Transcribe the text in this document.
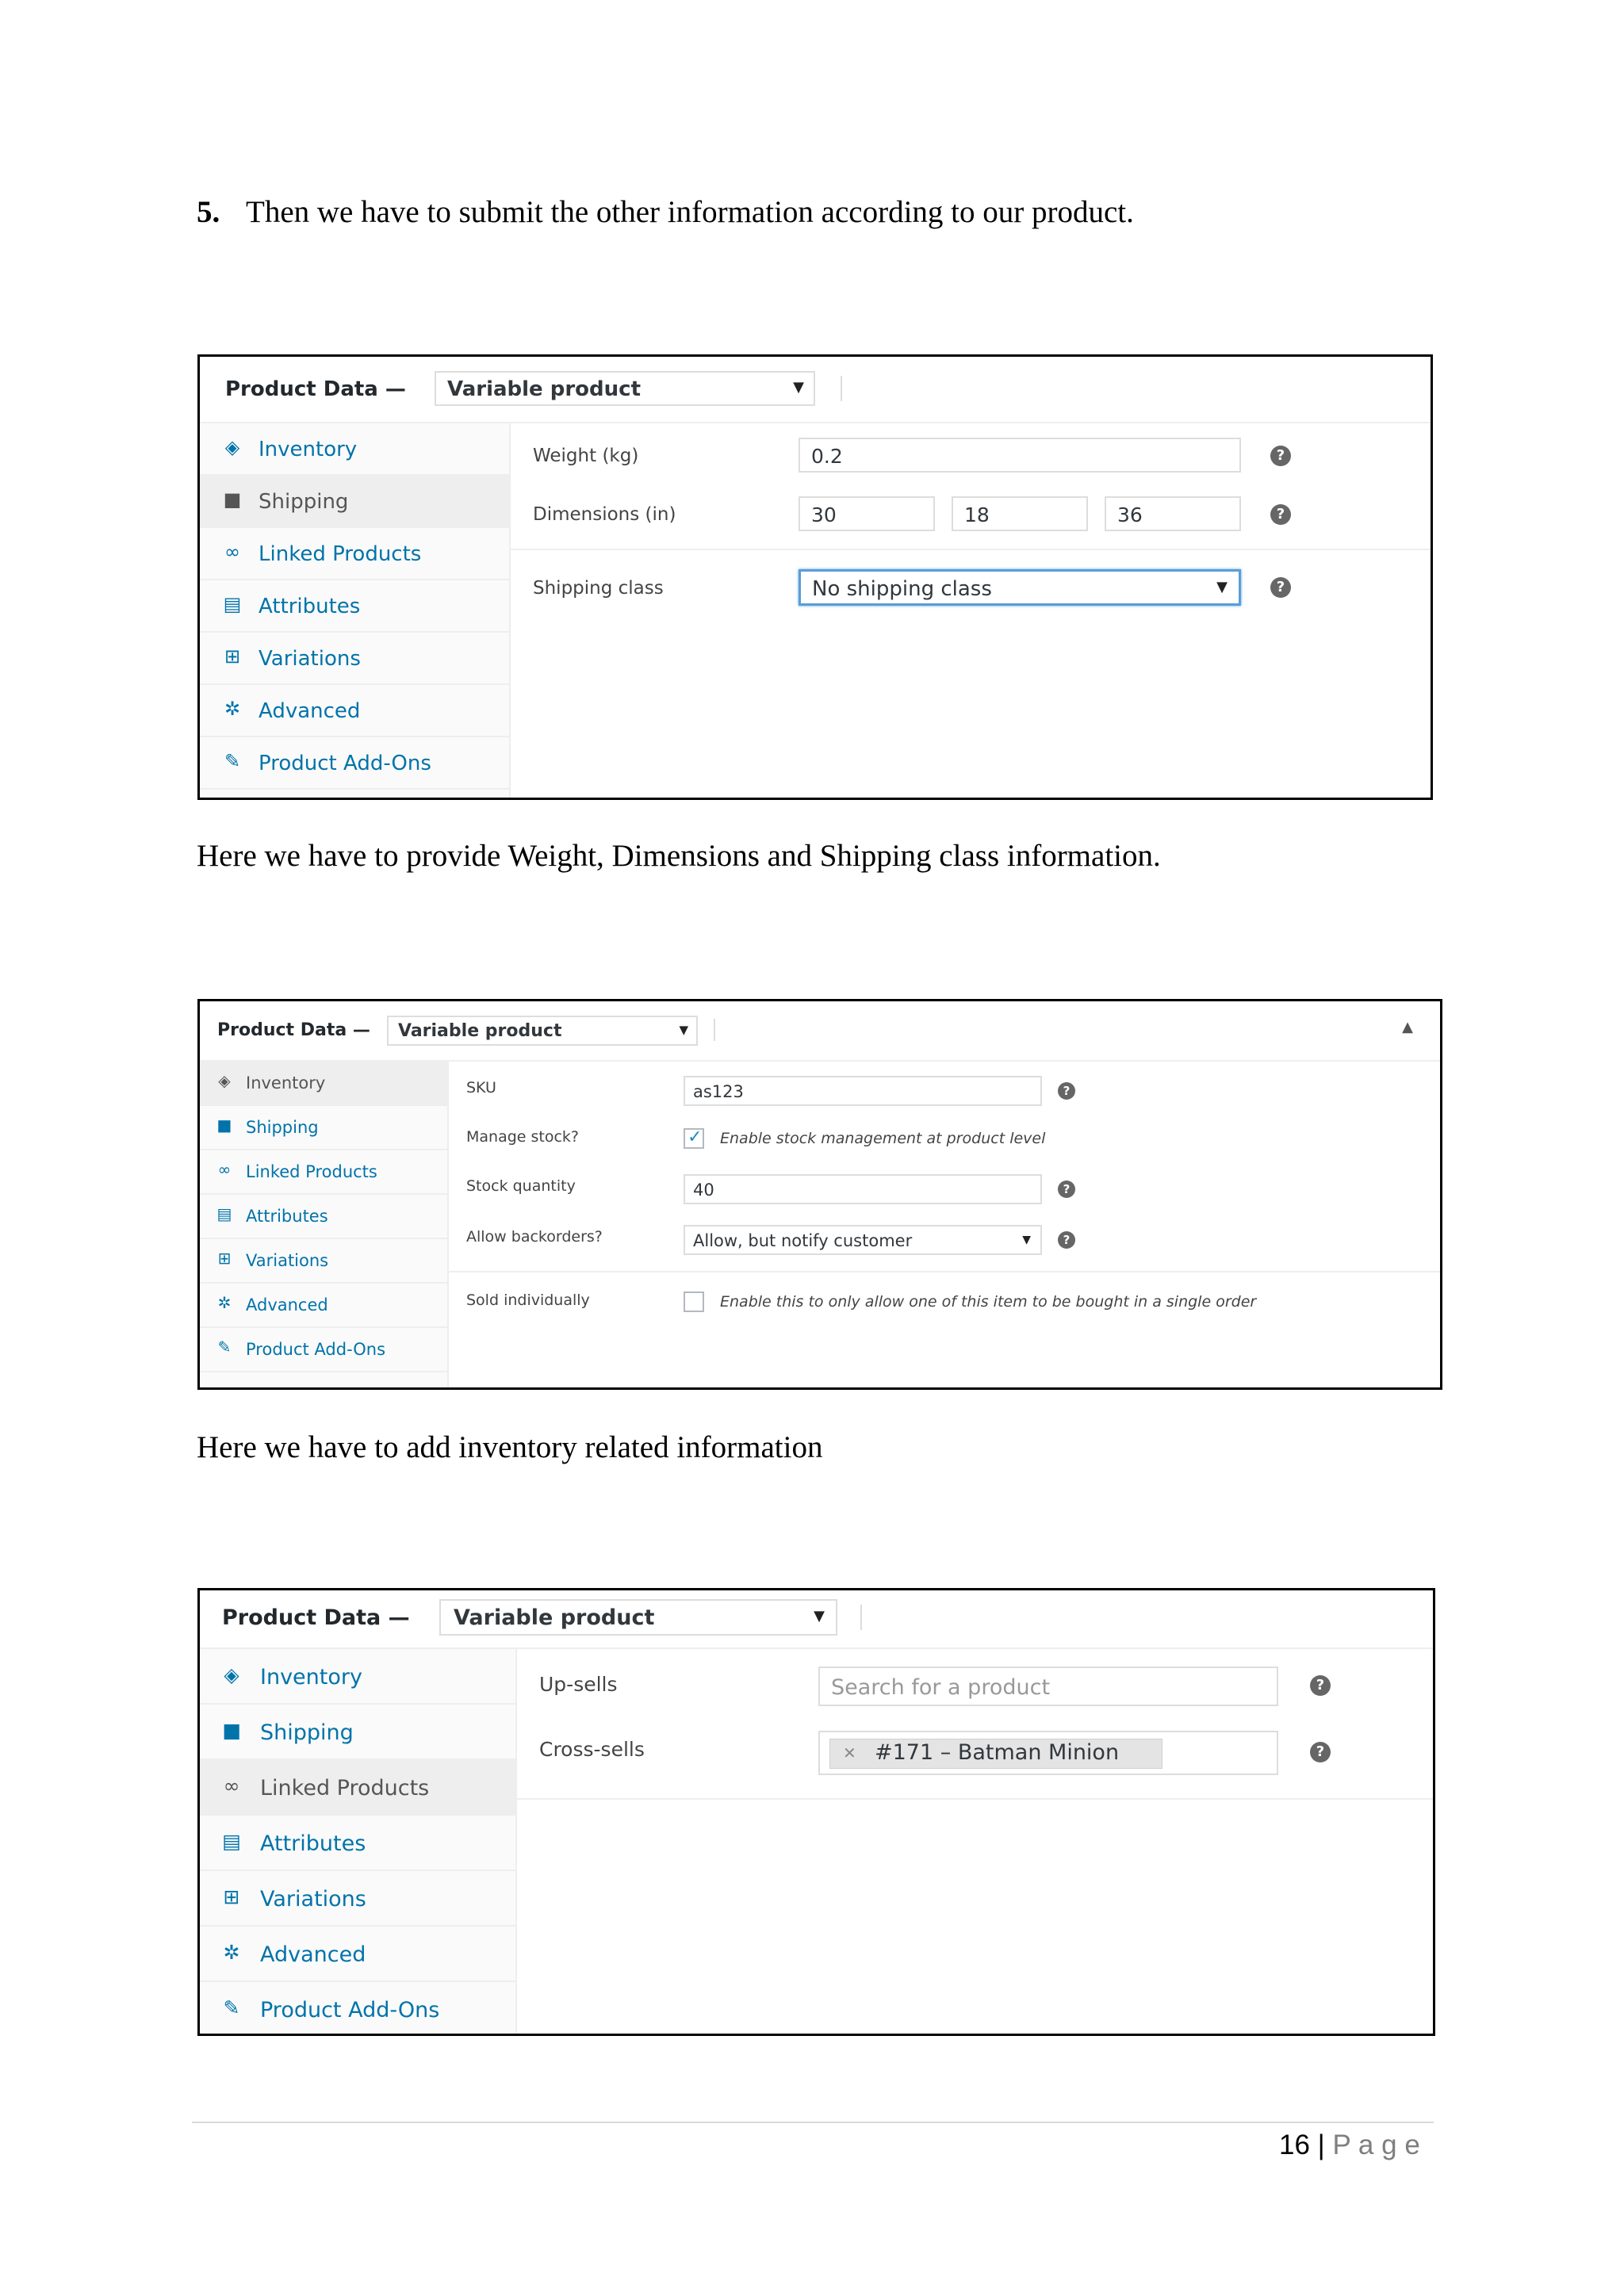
5. Then we have to submit the other information according to our product.
Product Data — Variable product	▼
◈ Inventory
■ Shipping
∞ Linked Products
▤ Attributes
⊞ Variations
✲ Advanced
✎ Product Add-Ons
Weight (kg)	0.2	?
Dimensions (in)	30	18	36	?
Shipping class	No shipping class	▼	?
Here we have to provide Weight, Dimensions and Shipping class information.
Product Data — Variable product	▼	▲
◈ Inventory
■ Shipping
∞ Linked Products
▤ Attributes
⊞ Variations
✲ Advanced
✎ Product Add-Ons
SKU	as123	?
Manage stock?	✓ Enable stock management at product level
Stock quantity	40	?
Allow backorders?	Allow, but notify customer	▼	?
Sold individually	Enable this to only allow one of this item to be bought in a single order
Here we have to add inventory related information
Product Data — Variable product	▼
◈ Inventory
■ Shipping
∞ Linked Products
▤ Attributes
⊞ Variations
✲ Advanced
✎ Product Add-Ons
Up-sells	Search for a product	?
Cross-sells	✕ #171 – Batman Minion	?
16 | P a g e
